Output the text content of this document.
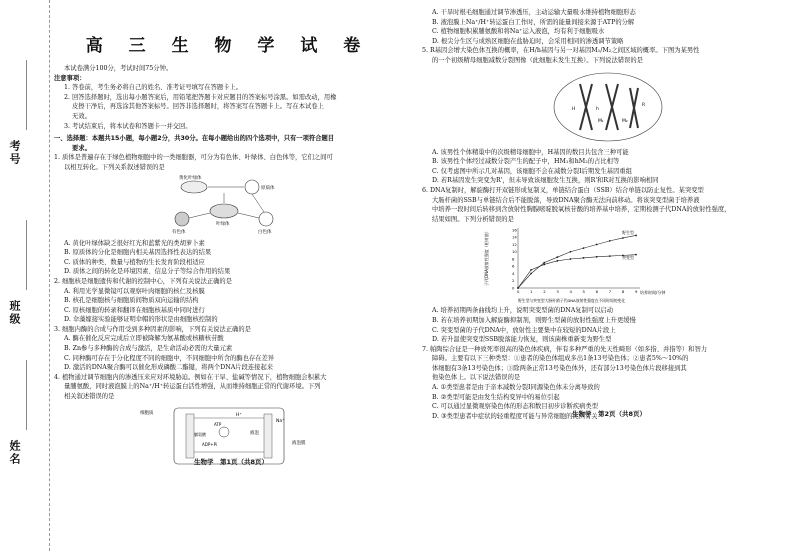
考号
班级
姓名
高 三 生 物 学 试 卷
本试卷满分100分，考试时间75分钟。
注意事项：
1. 答卷前，考生务必将自己的姓名、准考证号填写在答题卡上。
2. 回答选择题时，选出每小题答案后，用铅笔把答题卡对应题目的答案标号涂黑。如需改动，用橡
皮擦干净后，再选涂其他答案标号。回答非选择题时，将答案写在答题卡上。写在本试卷上
无效。
3. 考试结束后，将本试卷和答题卡一并交回。
一、选择题：本题共15小题，每小题2分，共30分。在每小题给出的四个选项中，只有一项符合题目
要求。
1. 质体是普遍存在于绿色植物细胞中的一类细胞器，可分为有色体、叶绿体、白色体等，它们之间可
以相互转化。下列关系叙述错误的是
黄化叶绿体
原质体
叶绿体
有色体	白色体
A. 黄化叶绿体缺乏很好红光和蓝紫光的类胡萝卜素
B. 原质体的分化是细胞内相关基因选择性表达的结果
C. 质体的种类、数量与植物的生长发育阶段相适应
D. 质体之间的转化是环境因素、信息分子等综合作用的结果
2. 细胞核是细胞遗传和代谢的控制中心，下列有关说法正确的是
A. 利用光学显微镜可以观察叶肉细胞的核仁及核膜
B. 核孔是细胞核与细胞质间物质双向运输的结构
C. 原核细胞的转录和翻译在细胞核基质中同时进行
D. 伞藻嫁接实验能够证明伞帽的形状是由细胞核控制的
3. 细胞内酶的合成与作用受到多种因素的影响，下列有关说法正确的是
A. 酶在催化反应完成后立即被降解为氨基酸或核糖核苷酸
B. Zn参与多种酶的合成与激活，是生命活动必需的大量元素
C. 同种酶可存在于分化程度不同的细胞中，不同细胞中所含的酶也存在差异
D. 激活的DNA聚合酶可以催化形成磷酸二酯键，将两个DNA片段连接起来
4. 植物通过调节细胞内的渗透压来应对环境胁迫。例如在干旱、盐碱等情况下，植物细胞会积累大
量脯氨酸，同时液泡膜上的Na⁺/H⁺转运蛋白活性增强，从而维持细胞正常的代谢环境。下列
相关叙述错误的是
细胞质
液泡膜
液泡
H⁺
Na⁺
ATP
ADP+Pi
脯氨酸
生物学　第1页（共8页）
A. 干旱时根毛细胞通过调节渗透压，主动运输大量吸水维持植物细胞形态
B. 液泡膜上Na⁺/H⁺转运蛋白工作时，所需的能量间接来源于ATP的分解
C. 植物细胞积累脯氨酸和将Na⁺运入液泡，均有利于细胞吸水
D. 根尖分生区与成熟区细胞在盐胁迫时，会采用相同的渗透调节策略
5. R基因会增大染色体互换的概率，在H/h基因与另一对基因M₁/M₂之间区域的概率。下图为某男性
的一个初级精母细胞减数分裂图像（此细胞未发生互换）。下列说法错误的是
H	h
M₁	M₂
R
A. 该男性个体精巢中的次级精母细胞中，H基因的数目共包含三种可能
B. 该男性个体经过减数分裂产生的配子中，HM₁和hM₂的占比相等
C. 仅考虑图中所示几对基因，该细胞不会在减数分裂Ⅰ后期发生基因重组
D. 若R基因发生突变为R'，但未导致该细胞发生互换，则R'和R对互换的影响相同
6. DNA复制时，解旋酶打开双链形成复制叉，单链结合蛋白（SSB）结合单链以防止复性。某突变型
大肠杆菌的SSB与单链结合后不能脱落，导致DNA聚合酶无法向前移动。将该突变型菌于培养液
中培养一段时间后转移到含放射性胸腺嘧啶脱氧核苷酸的培养基中培养，定期检测子代DNA的放射性强度，
结果如图。下列分析错误的是
0	1	2	3	4	5	6	7	8	9
0
2
4
6
8
10
12
14
16
野生型
突变型
子代DNA放射性强度（相对值）
培养时间/分钟
野生型与突变型大肠杆菌子代DNA放射性强度在不同时间的变化
A. 培养初期两条曲线均上升，说明突变型菌的DNA复制可以启动
B. 若在培养初期加入解旋酶抑制剂，则野生型菌的放射性强度上升更缓慢
C. 突变型菌的子代DNA中，放射性主要集中在较短的DNA片段上
D. 若升温使突变型SSB脱落能力恢复，则该菌株重新变为野生型
7. 帕陶综合征是一种致死率很高的染色体疾病，伴有多种严重的先天性畸形（如多指、并指等）和智力
障碍。主要有以下三种类型：①患者的染色体组成多出1条13号染色体；②患者5%～10%的
体细胞有3条13号染色体；③除两条正常13号染色体外，还有部分13号染色体片段移接到其
他染色体上。以下说法错误的是
A. ①类型患者是由于亲本减数分裂Ⅰ同源染色体未分离导致的
B. ②类型可能是由发生结构变异中的易位引起
C. 可以通过显微观察染色体的形态和数目初步诊断疾病类型
D. ③类型患者中症状的轻重程度可能与异常细胞的比例有关
生物学　第2页（共8页）
